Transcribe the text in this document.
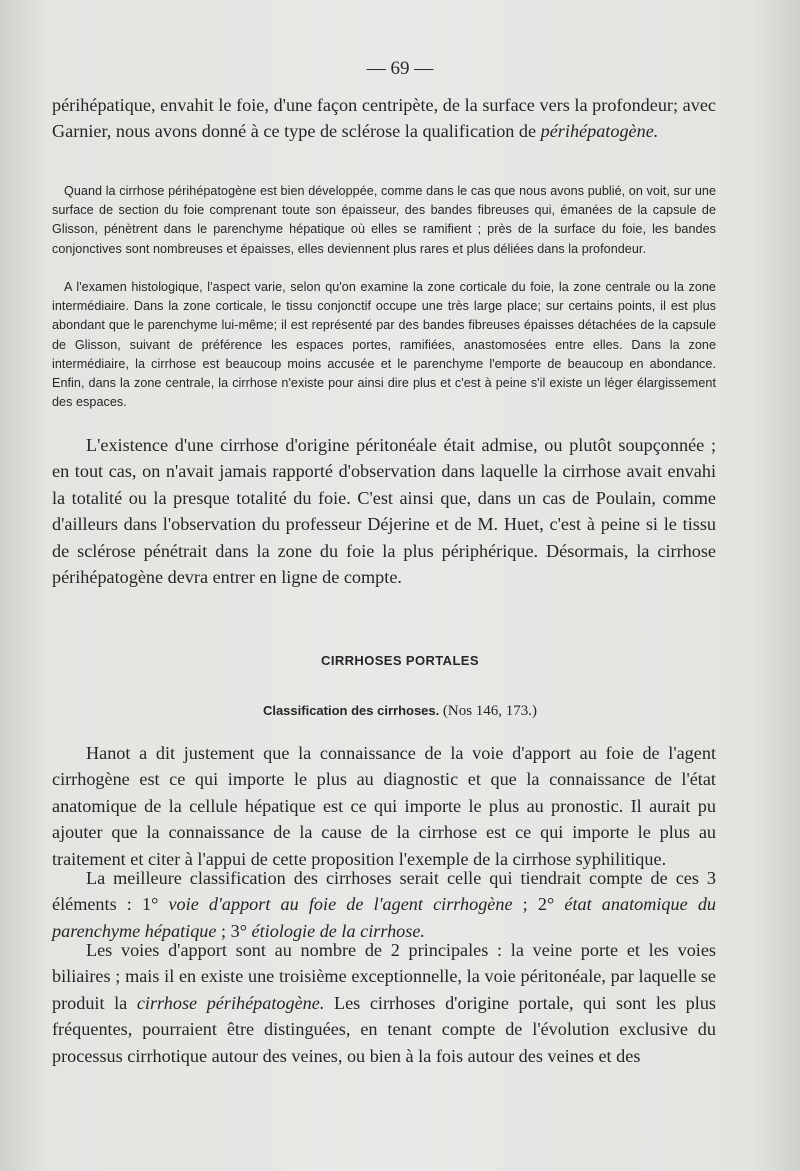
— 69 —

périhépatique, envahit le foie, d'une façon centripète, de la surface vers la profondeur; avec Garnier, nous avons donné à ce type de sclérose la qualification de périhépatogène.

Quand la cirrhose périhépatogène est bien développée, comme dans le cas que nous avons publié, on voit, sur une surface de section du foie comprenant toute son épaisseur, des bandes fibreuses qui, émanées de la capsule de Glisson, pénètrent dans le parenchyme hépatique où elles se ramifient ; près de la surface du foie, les bandes conjonctives sont nombreuses et épaisses, elles deviennent plus rares et plus déliées dans la profondeur.

A l'examen histologique, l'aspect varie, selon qu'on examine la zone corticale du foie, la zone centrale ou la zone intermédiaire. Dans la zone corticale, le tissu conjonctif occupe une très large place; sur certains points, il est plus abondant que le parenchyme lui-même; il est représenté par des bandes fibreuses épaisses détachées de la capsule de Glisson, suivant de préférence les espaces portes, ramifiées, anastomosées entre elles. Dans la zone intermédiaire, la cirrhose est beaucoup moins accusée et le parenchyme l'emporte de beaucoup en abondance. Enfin, dans la zone centrale, la cirrhose n'existe pour ainsi dire plus et c'est à peine s'il existe un léger élargissement des espaces.

L'existence d'une cirrhose d'origine péritonéale était admise, ou plutôt soupçonnée ; en tout cas, on n'avait jamais rapporté d'observation dans laquelle la cirrhose avait envahi la totalité ou la presque totalité du foie. C'est ainsi que, dans un cas de Poulain, comme d'ailleurs dans l'observation du professeur Déjerine et de M. Huet, c'est à peine si le tissu de sclérose pénétrait dans la zone du foie la plus périphérique. Désormais, la cirrhose périhépatogène devra entrer en ligne de compte.

CIRRHOSES PORTALES
Classification des cirrhoses. (Nos 146, 173.)

Hanot a dit justement que la connaissance de la voie d'apport au foie de l'agent cirrhogène est ce qui importe le plus au diagnostic et que la connaissance de l'état anatomique de la cellule hépatique est ce qui importe le plus au pronostic. Il aurait pu ajouter que la connaissance de la cause de la cirrhose est ce qui importe le plus au traitement et citer à l'appui de cette proposition l'exemple de la cirrhose syphilitique.

La meilleure classification des cirrhoses serait celle qui tiendrait compte de ces 3 éléments : 1° voie d'apport au foie de l'agent cirrhogène ; 2° état anatomique du parenchyme hépatique ; 3° étiologie de la cirrhose.

Les voies d'apport sont au nombre de 2 principales : la veine porte et les voies biliaires ; mais il en existe une troisième exceptionnelle, la voie péritonéale, par laquelle se produit la cirrhose périhépatogène. Les cirrhoses d'origine portale, qui sont les plus fréquentes, pourraient être distinguées, en tenant compte de l'évolution exclusive du processus cirrhotique autour des veines, ou bien à la fois autour des veines et des
